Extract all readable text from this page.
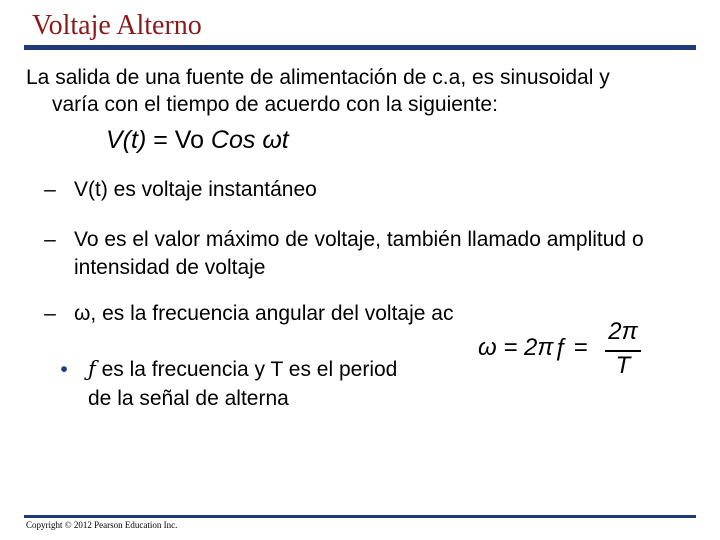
Voltaje Alterno
La salida de una fuente de alimentación de c.a, es sinusoidal y
varía con el tiempo de acuerdo con la siguiente:
V(t) = Vo Cos ωt
– V(t) es voltaje instantáneo
– Vo es el valor máximo de voltaje, también llamado amplitud o intensidad de voltaje
– ω, es la frecuencia angular del voltaje ac
• ƒ es la frecuencia y T es el period de la señal de alterna
ω = 2πƒ =
2π
T
Copyright © 2012 Pearson Education Inc.
